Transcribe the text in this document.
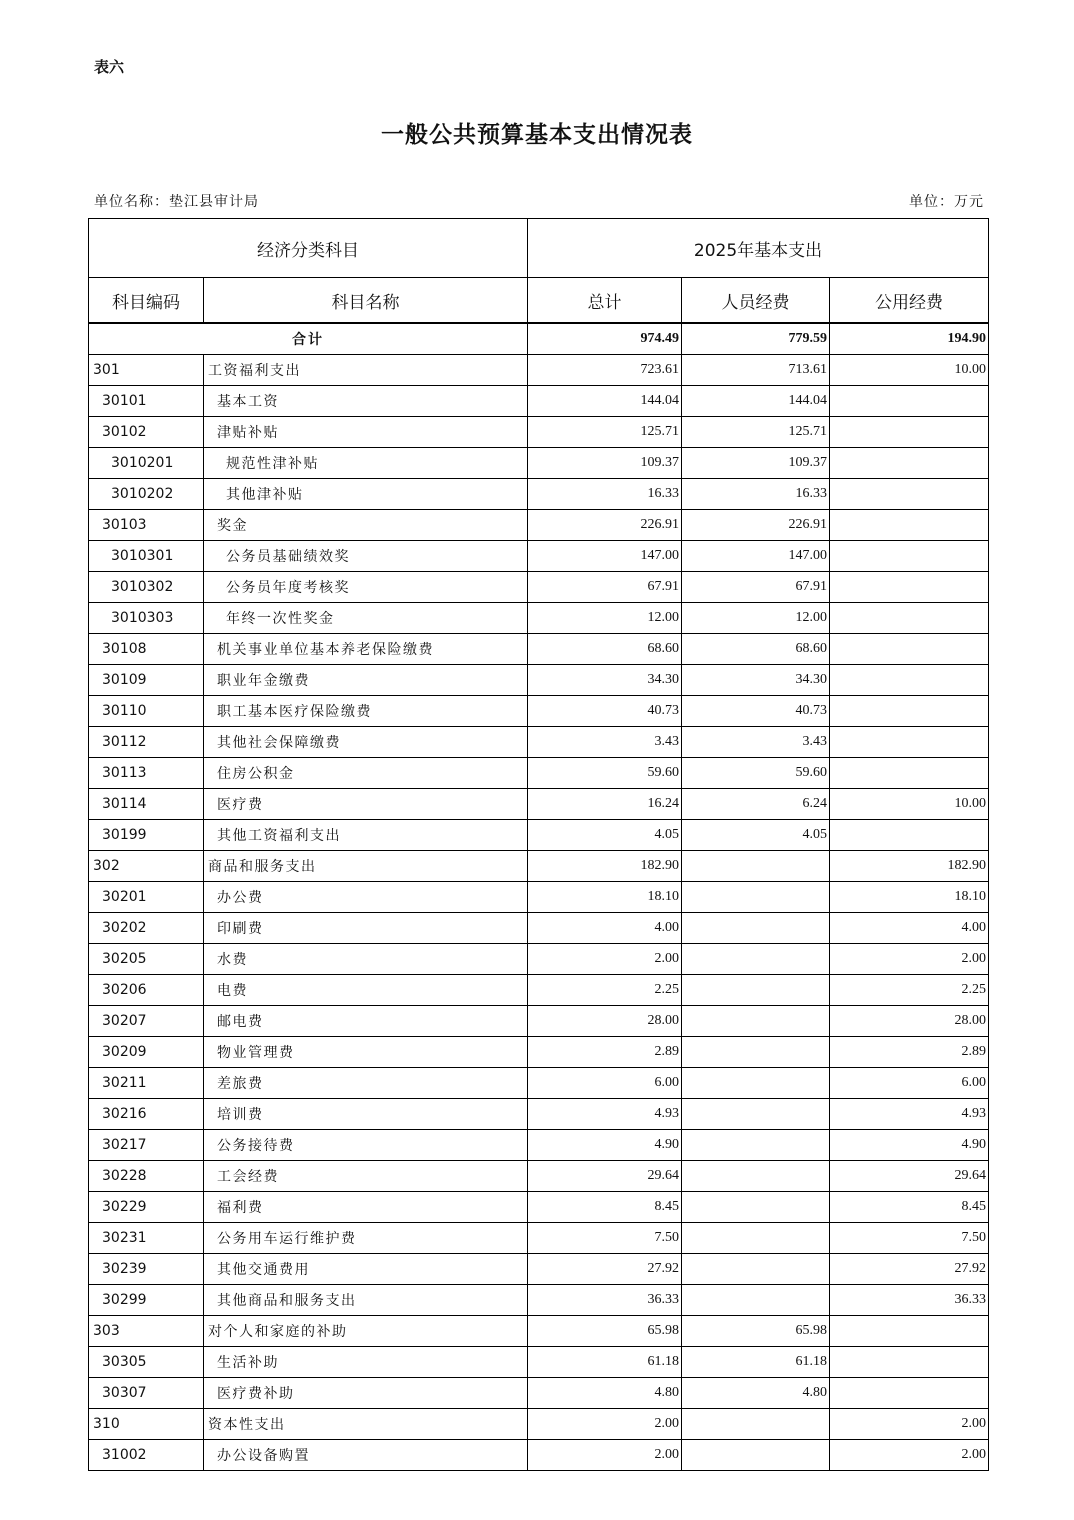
表六
一般公共预算基本支出情况表
单位名称：垫江县审计局	单位：万元
经济分类科目		2025年基本支出		
科目编码	科目名称	总计	人员经费	公用经费
合计		974.49	779.59	194.90
301	工资福利支出	723.61	713.61	10.00
30101	基本工资	144.04	144.04	
30102	津贴补贴	125.71	125.71	
3010201	规范性津补贴	109.37	109.37	
3010202	其他津补贴	16.33	16.33	
30103	奖金	226.91	226.91	
3010301	公务员基础绩效奖	147.00	147.00	
3010302	公务员年度考核奖	67.91	67.91	
3010303	年终一次性奖金	12.00	12.00	
30108	机关事业单位基本养老保险缴费	68.60	68.60	
30109	职业年金缴费	34.30	34.30	
30110	职工基本医疗保险缴费	40.73	40.73	
30112	其他社会保障缴费	3.43	3.43	
30113	住房公积金	59.60	59.60	
30114	医疗费	16.24	6.24	10.00
30199	其他工资福利支出	4.05	4.05	
302	商品和服务支出	182.90		182.90
30201	办公费	18.10		18.10
30202	印刷费	4.00		4.00
30205	水费	2.00		2.00
30206	电费	2.25		2.25
30207	邮电费	28.00		28.00
30209	物业管理费	2.89		2.89
30211	差旅费	6.00		6.00
30216	培训费	4.93		4.93
30217	公务接待费	4.90		4.90
30228	工会经费	29.64		29.64
30229	福利费	8.45		8.45
30231	公务用车运行维护费	7.50		7.50
30239	其他交通费用	27.92		27.92
30299	其他商品和服务支出	36.33		36.33
303	对个人和家庭的补助	65.98	65.98	
30305	生活补助	61.18	61.18	
30307	医疗费补助	4.80	4.80	
310	资本性支出	2.00		2.00
31002	办公设备购置	2.00		2.00
